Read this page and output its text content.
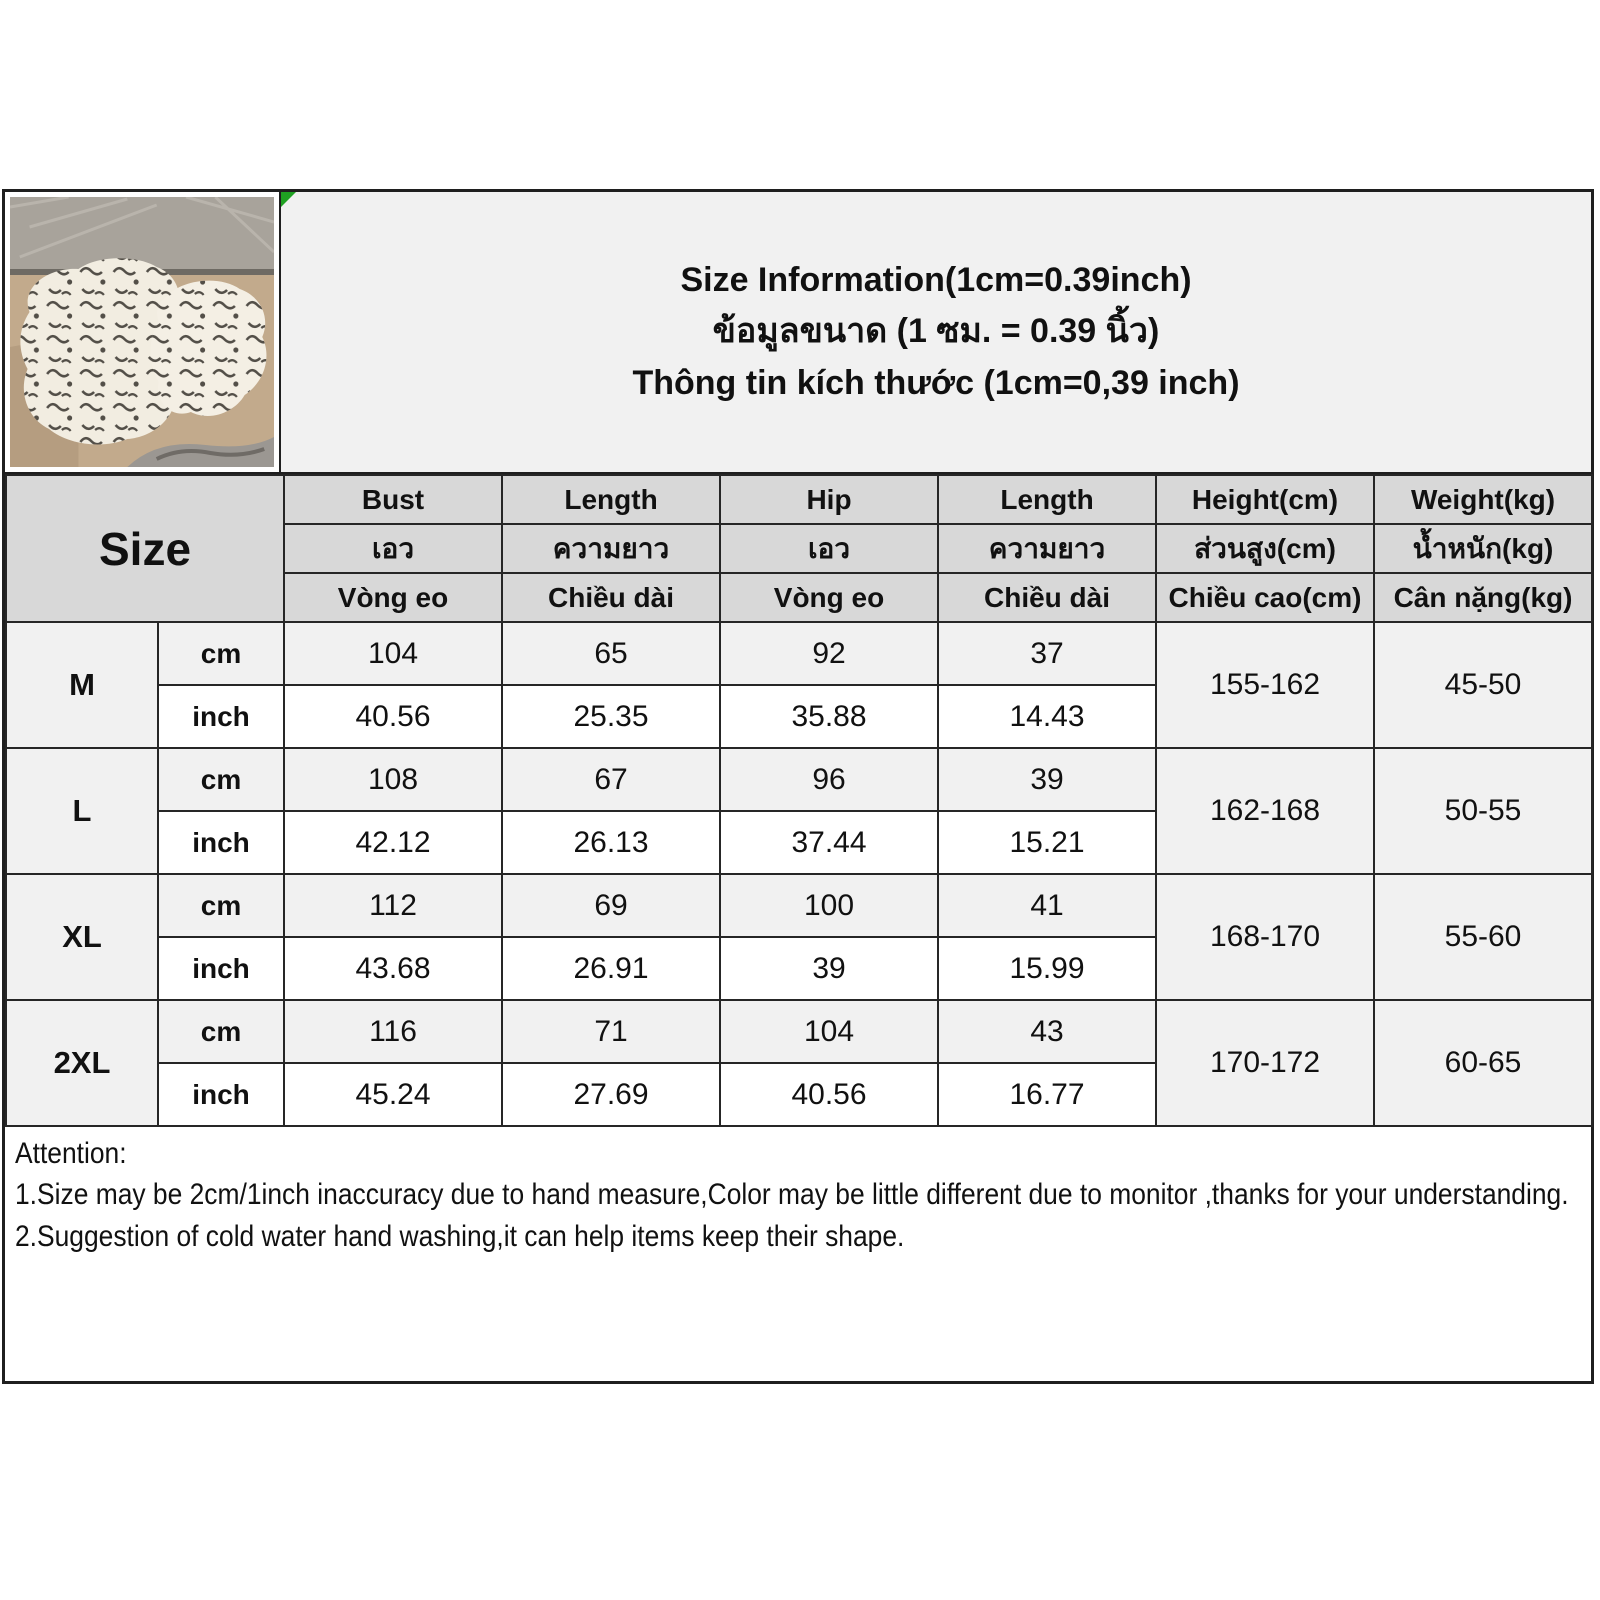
Size Information(1cm=0.39inch)
ข้อมูลขนาด (1 ซม. = 0.39 นิ้ว)
Thông tin kích thước (1cm=0,39 inch)
Size		Bust	Length	Hip	Length	Height(cm)	Weight(kg)
		เอว	ความยาว	เอว	ความยาว	ส่วนสูง(cm)	น้ำหนัก(kg)
		Vòng eo	Chiều dài	Vòng eo	Chiều dài	Chiều cao(cm)	Cân nặng(kg)
M	cm	104	65	92	37	155-162	45-50
	inch	40.56	25.35	35.88	14.43		
L	cm	108	67	96	39	162-168	50-55
	inch	42.12	26.13	37.44	15.21		
XL	cm	112	69	100	41	168-170	55-60
	inch	43.68	26.91	39	15.99		
2XL	cm	116	71	104	43	170-172	60-65
	inch	45.24	27.69	40.56	16.77		
Attention:
1.Size may be 2cm/1inch inaccuracy due to hand measure,Color may be little different due to monitor ,thanks for your understanding.
2.Suggestion of cold water hand washing,it can help items keep their shape.
